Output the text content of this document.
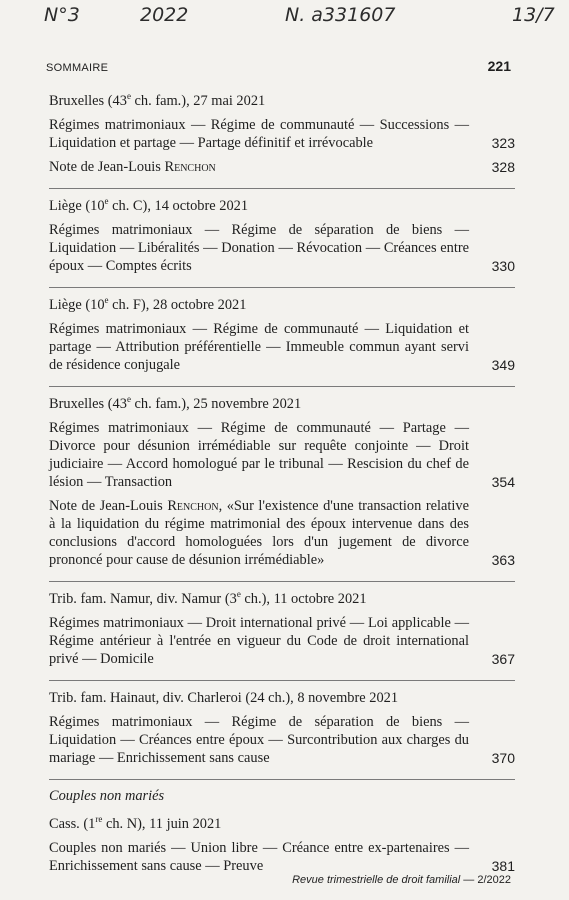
N°3	2022	N. a331607	13/7
SOMMAIRE	221
Bruxelles (43e ch. fam.), 27 mai 2021
Régimes matrimoniaux — Régime de communauté — Successions — Liquidation et partage — Partage définitif et irrévocable	323
Note de Jean-Louis Renchon	328
Liège (10e ch. C), 14 octobre 2021
Régimes matrimoniaux — Régime de séparation de biens — Liquidation — Libéralités — Donation — Révocation — Créances entre époux — Comptes écrits	330
Liège (10e ch. F), 28 octobre 2021
Régimes matrimoniaux — Régime de communauté — Liquidation et partage — Attribution préférentielle — Immeuble commun ayant servi de résidence conjugale	349
Bruxelles (43e ch. fam.), 25 novembre 2021
Régimes matrimoniaux — Régime de communauté — Partage — Divorce pour désunion irrémédiable sur requête conjointe — Droit judiciaire — Accord homologué par le tribunal — Rescision du chef de lésion — Transaction	354
Note de Jean-Louis Renchon, «Sur l'existence d'une transaction relative à la liquidation du régime matrimonial des époux intervenue dans des conclusions d'accord homologuées lors d'un jugement de divorce prononcé pour cause de désunion irrémédiable»	363
Trib. fam. Namur, div. Namur (3e ch.), 11 octobre 2021
Régimes matrimoniaux — Droit international privé — Loi applicable — Régime antérieur à l'entrée en vigueur du Code de droit international privé — Domicile	367
Trib. fam. Hainaut, div. Charleroi (24 ch.), 8 novembre 2021
Régimes matrimoniaux — Régime de séparation de biens — Liquidation — Créances entre époux — Surcontribution aux charges du mariage — Enrichissement sans cause	370
Couples non mariés
Cass. (1re ch. N), 11 juin 2021
Couples non mariés — Union libre — Créance entre ex-partenaires — Enrichissement sans cause — Preuve	381
Revue trimestrielle de droit familial — 2/2022
